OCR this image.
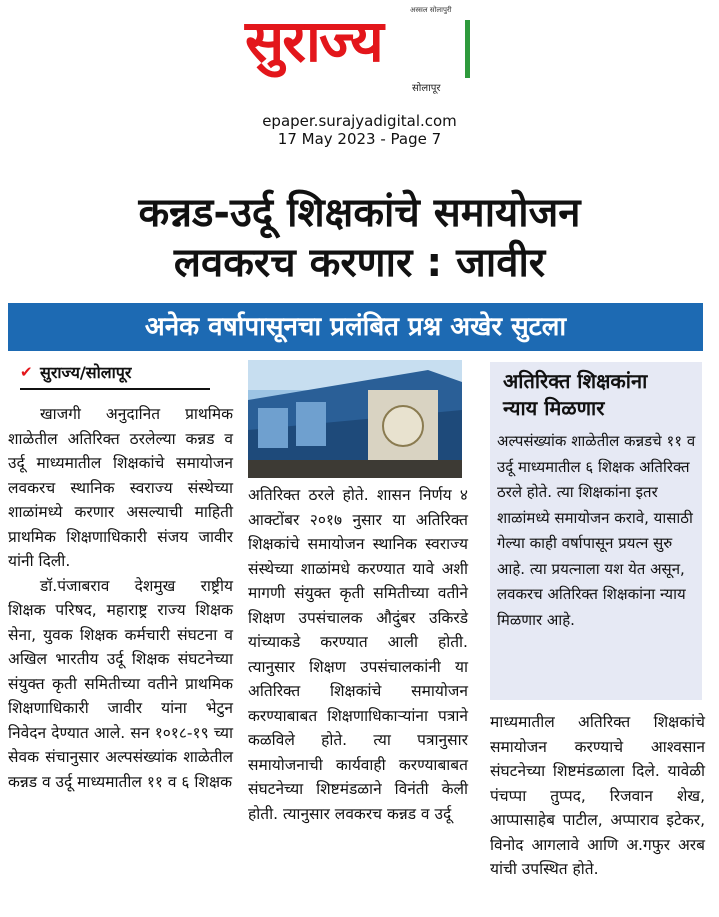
अस्सल सोलापुरी
सुराज्य
सोलापूर
epaper.surajyadigital.com
17 May 2023 - Page 7
कन्नड-उर्दू शिक्षकांचे समायोजन
लवकरच करणार : जावीर
अनेक वर्षापासूनचा प्रलंबित प्रश्न अखेर सुटला
✔ सुराज्य/सोलापूर

खाजगी अनुदानित प्राथमिक शाळेतील अतिरिक्त ठरलेल्या कन्नड व उर्दू माध्यमातील शिक्षकांचे समायोजन लवकरच स्थानिक स्वराज्य संस्थेच्या शाळांमध्ये करणार असल्याची माहिती प्राथमिक शिक्षणाधिकारी संजय जावीर यांनी दिली.

डॉ.पंजाबराव देशमुख राष्ट्रीय शिक्षक परिषद, महाराष्ट्र राज्य शिक्षक सेना, युवक शिक्षक कर्मचारी संघटना व अखिल भारतीय उर्दू शिक्षक संघटनेच्या संयुक्त कृती समितीच्या वतीने प्राथमिक शिक्षणाधिकारी जावीर यांना भेटुन निवेदन देण्यात आले. सन १०१८-१९ च्या सेवक संचानुसार अल्पसंख्यांक शाळेतील कन्नड व उर्दू माध्यमातील ११ व ६ शिक्षक

अतिरिक्त ठरले होते. शासन निर्णय ४ आक्टोंबर २०१७ नुसार या अतिरिक्त शिक्षकांचे समायोजन स्थानिक स्वराज्य संस्थेच्या शाळांमधे करण्यात यावे अशी मागणी संयुक्त कृती समितीच्या वतीने शिक्षण उपसंचालक औदुंबर उकिरडे यांच्याकडे करण्यात आली होती. त्यानुसार शिक्षण उपसंचालकांनी या अतिरिक्त शिक्षकांचे समायोजन करण्याबाबत शिक्षणाधिकाऱ्यांना पत्राने कळविले होते. त्या पत्रानुसार समायोजनाची कार्यवाही करण्याबाबत संघटनेच्या शिष्टमंडळाने विनंती केली होती. त्यानुसार लवकरच कन्नड व उर्दू
अतिरिक्त शिक्षकांना
न्याय मिळणार
अल्पसंख्यांक शाळेतील कन्नडचे ११ व उर्दू माध्यमातील ६ शिक्षक अतिरिक्त ठरले होते. त्या शिक्षकांना इतर शाळांमध्ये समायोजन करावे, यासाठी गेल्या काही वर्षापासून प्रयत्न सुरु आहे. त्या प्रयत्नाला यश येत असून, लवकरच अतिरिक्त शिक्षकांना न्याय मिळणार आहे.
माध्यमातील अतिरिक्त शिक्षकांचे समायोजन करण्याचे आश्वसान संघटनेच्या शिष्टमंडळाला दिले. यावेळी पंचप्पा तुप्पद, रिजवान शेख, आप्पासाहेब पाटील, अप्पाराव इटेकर, विनोद आगलावे आणि अ.गफुर अरब यांची उपस्थित होते.
